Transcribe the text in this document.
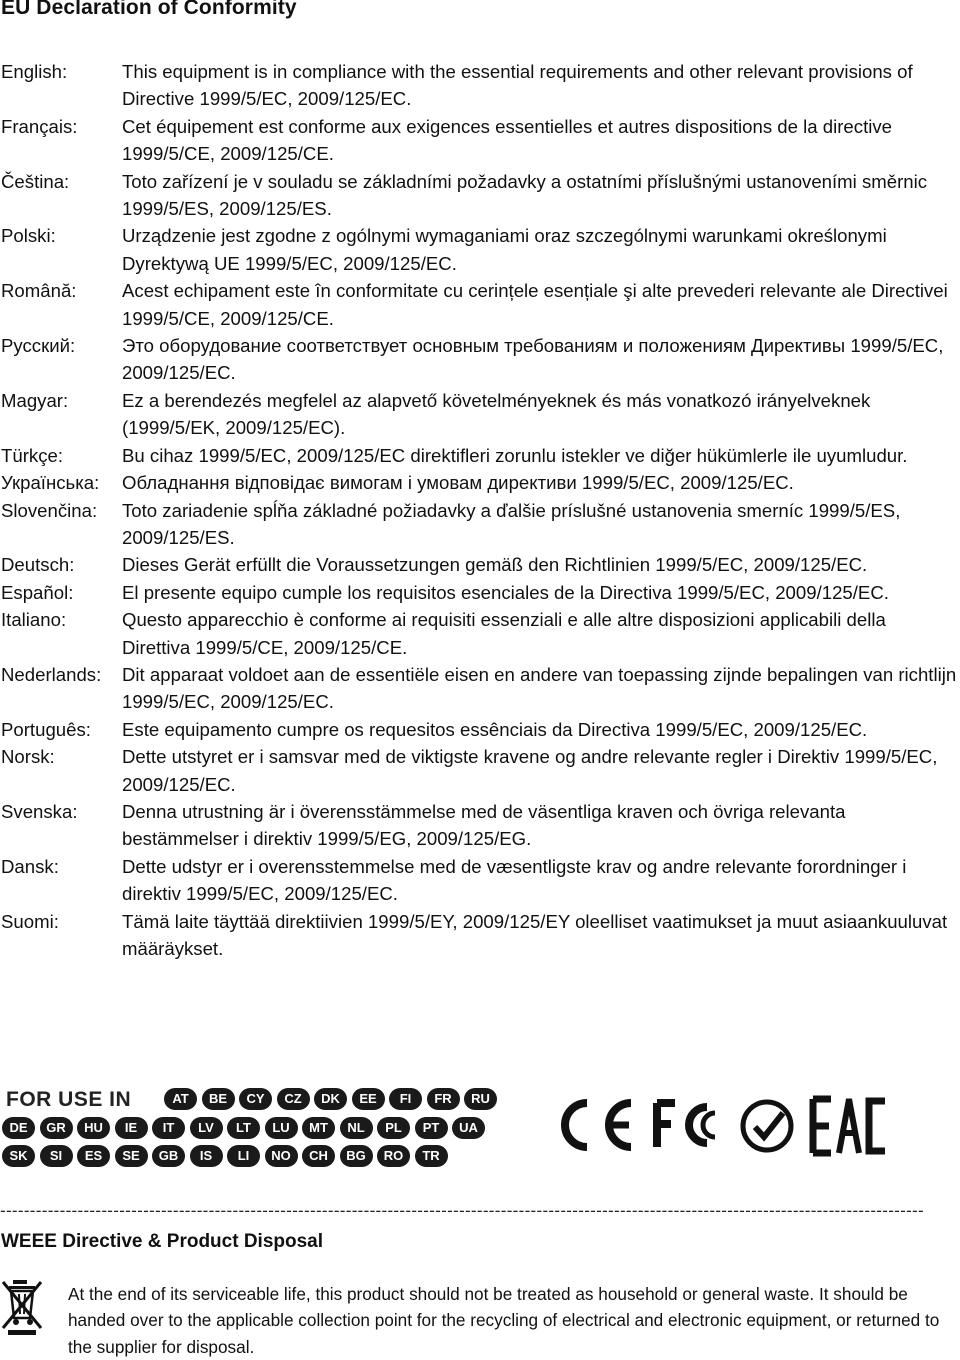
EU Declaration of Conformity
English:	This equipment is in compliance with the essential requirements and other relevant provisions of Directive 1999/5/EC, 2009/125/EC.
Français:	Cet équipement est conforme aux exigences essentielles et autres dispositions de la directive 1999/5/CE, 2009/125/CE.
Čeština:	Toto zařízení je v souladu se základními požadavky a ostatními příslušnými ustanoveními směrnic 1999/5/ES, 2009/125/ES.
Polski:	Urządzenie jest zgodne z ogólnymi wymaganiami oraz szczególnymi warunkami określonymi Dyrektywą UE 1999/5/EC, 2009/125/EC.
Română:	Acest echipament este în conformitate cu cerințele esențiale şi alte prevederi relevante ale Directivei 1999/5/CE, 2009/125/CE.
Русский:	Это оборудование соответствует основным требованиям и положениям Директивы 1999/5/EC, 2009/125/EC.
Magyar:	Ez a berendezés megfelel az alapvető követelményeknek és más vonatkozó irányelveknek (1999/5/EK, 2009/125/EC).
Türkçe:	Bu cihaz 1999/5/EC, 2009/125/EC direktifleri zorunlu istekler ve diğer hükümlerle ile uyumludur.
Українська:	Обладнання відповідає вимогам і умовам директиви 1999/5/EC, 2009/125/EC.
Slovenčina:	Toto zariadenie spĺňa základné požiadavky a ďalšie príslušné ustanovenia smerníc 1999/5/ES, 2009/125/ES.
Deutsch:	Dieses Gerät erfüllt die Voraussetzungen gemäß den Richtlinien 1999/5/EC, 2009/125/EC.
Español:	El presente equipo cumple los requisitos esenciales de la Directiva 1999/5/EC, 2009/125/EC.
Italiano:	Questo apparecchio è conforme ai requisiti essenziali e alle altre disposizioni applicabili della Direttiva 1999/5/CE, 2009/125/CE.
Nederlands:	Dit apparaat voldoet aan de essentiële eisen en andere van toepassing zijnde bepalingen van richtlijn 1999/5/EC, 2009/125/EC.
Português:	Este equipamento cumpre os requesitos essênciais da Directiva 1999/5/EC, 2009/125/EC.
Norsk:	Dette utstyret er i samsvar med de viktigste kravene og andre relevante regler i Direktiv 1999/5/EC, 2009/125/EC.
Svenska:	Denna utrustning är i överensstämmelse med de väsentliga kraven och övriga relevanta bestämmelser i direktiv 1999/5/EG, 2009/125/EG.
Dansk:	Dette udstyr er i overensstemmelse med de væsentligste krav og andre relevante forordninger i direktiv 1999/5/EC, 2009/125/EC.
Suomi:	Tämä laite täyttää direktiivien 1999/5/EY, 2009/125/EY oleelliset vaatimukset ja muut asiaankuuluvat määräykset.
FOR USE IN	AT	BE	CY	CZ	DK	EE	FI	FR	RU
DE	GR	HU	IE	IT	LV	LT	LU	MT	NL	PL	PT	UA
SK	SI	ES	SE	GB	IS	LI	NO	CH	BG	RO	TR
-----------------------------------------------------------------------------------------------------------------------------------------------------------
WEEE Directive & Product Disposal
At the end of its serviceable life, this product should not be treated as household or general waste. It should be handed over to the applicable collection point for the recycling of electrical and electronic equipment, or returned to the supplier for disposal.
